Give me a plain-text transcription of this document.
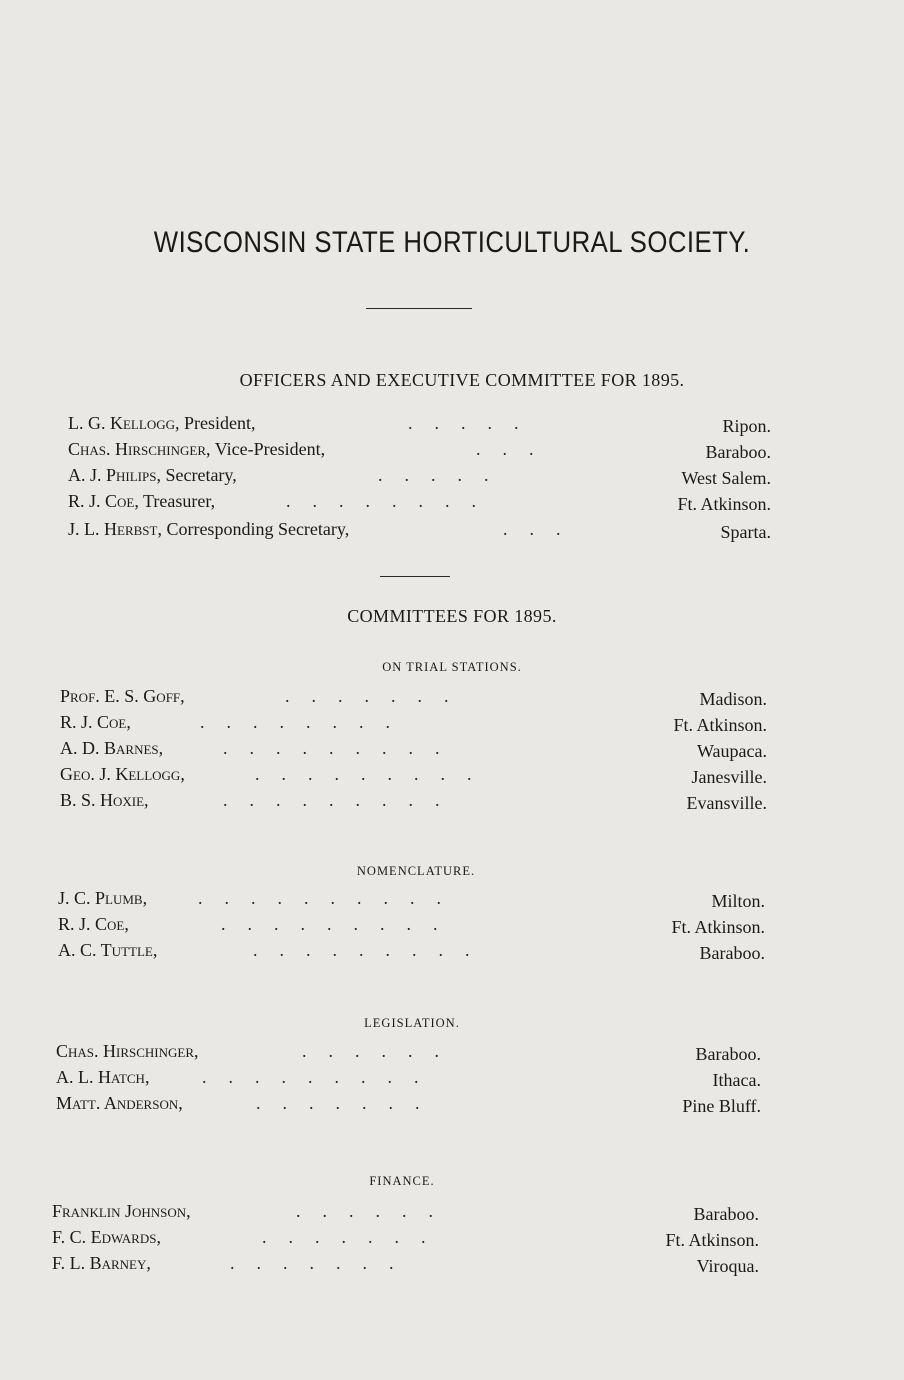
WISCONSIN STATE HORTICULTURAL SOCIETY.
OFFICERS AND EXECUTIVE COMMITTEE FOR 1895.
L. G. Kellogg, President,	.....	Ripon.
Chas. Hirschinger, Vice-President,	...	Baraboo.
A. J. Philips, Secretary,	.....	West Salem.
R. J. Coe, Treasurer,	........	Ft. Atkinson.
J. L. Herbst, Corresponding Secretary,	...	Sparta.
COMMITTEES FOR 1895.
ON TRIAL STATIONS.
Prof. E. S. Goff,	.......	Madison.
R. J. Coe,	........	Ft. Atkinson.
A. D. Barnes,	.........	Waupaca.
Geo. J. Kellogg,	.........	Janesville.
B. S. Hoxie,	.........	Evansville.
NOMENCLATURE.
J. C. Plumb,	..........	Milton.
R. J. Coe,	.........	Ft. Atkinson.
A. C. Tuttle,	.........	Baraboo.
LEGISLATION.
Chas. Hirschinger,	......	Baraboo.
A. L. Hatch,	.........	Ithaca.
Matt. Anderson,	.......	Pine Bluff.
FINANCE.
Franklin Johnson,	......	Baraboo.
F. C. Edwards,	.......	Ft. Atkinson.
F. L. Barney,	.......	Viroqua.
